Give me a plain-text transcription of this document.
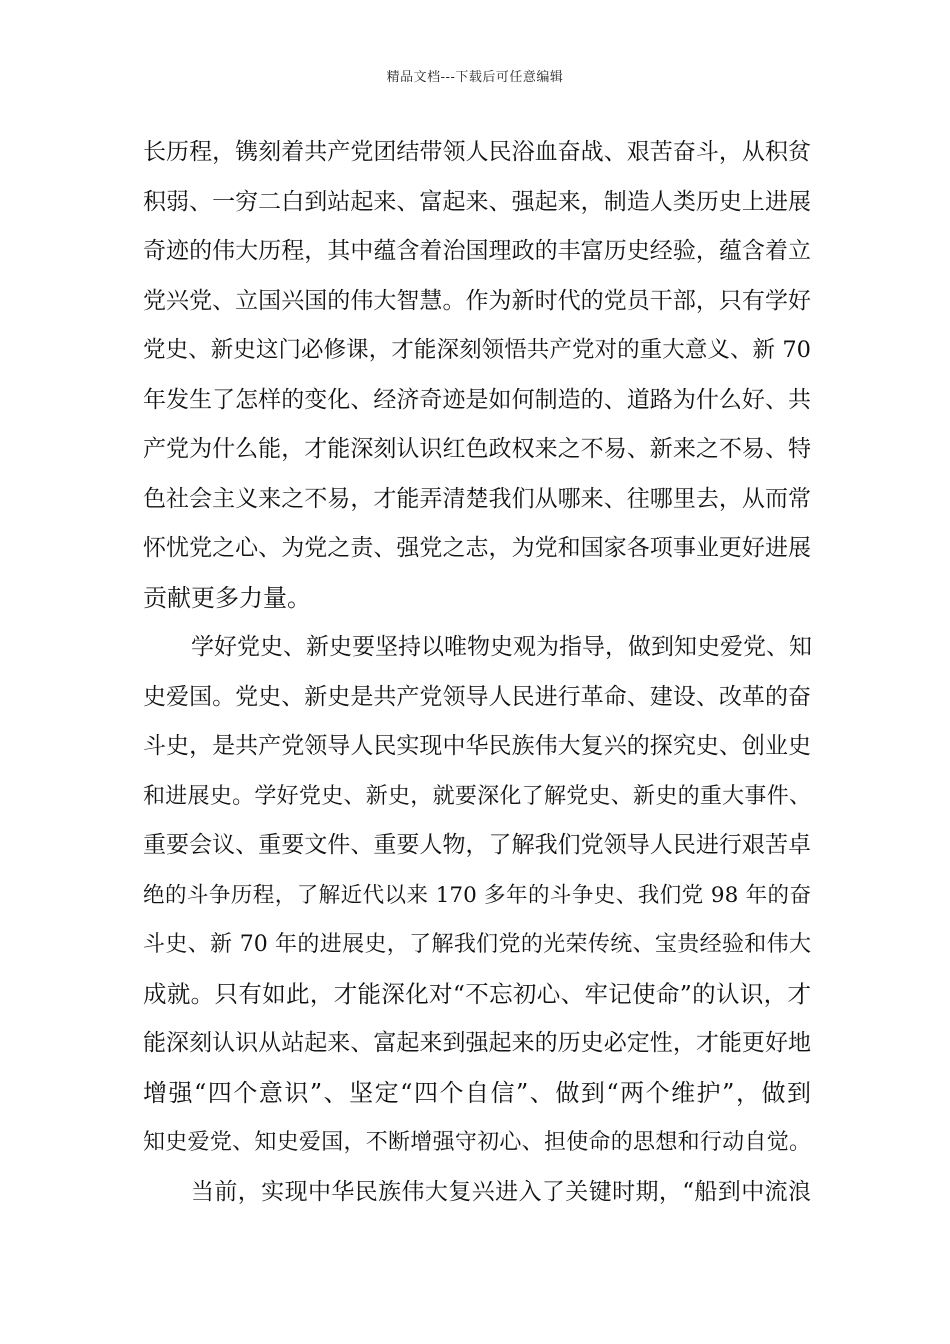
精品文档---下载后可任意编辑
长历程，镌刻着共产党团结带领人民浴血奋战、艰苦奋斗，从积贫
积弱、一穷二白到站起来、富起来、强起来，制造人类历史上进展
奇迹的伟大历程，其中蕴含着治国理政的丰富历史经验，蕴含着立
党兴党、立国兴国的伟大智慧。作为新时代的党员干部，只有学好
党史、新史这门必修课，才能深刻领悟共产党对的重大意义、新 70
年发生了怎样的变化、经济奇迹是如何制造的、道路为什么好、共
产党为什么能，才能深刻认识红色政权来之不易、新来之不易、特
色社会主义来之不易，才能弄清楚我们从哪来、往哪里去，从而常
怀忧党之心、为党之责、强党之志，为党和国家各项事业更好进展
贡献更多力量。
学好党史、新史要坚持以唯物史观为指导，做到知史爱党、知
史爱国。党史、新史是共产党领导人民进行革命、建设、改革的奋
斗史，是共产党领导人民实现中华民族伟大复兴的探究史、创业史
和进展史。学好党史、新史，就要深化了解党史、新史的重大事件、
重要会议、重要文件、重要人物，了解我们党领导人民进行艰苦卓
绝的斗争历程，了解近代以来 170 多年的斗争史、我们党 98 年的奋
斗史、新 70 年的进展史，了解我们党的光荣传统、宝贵经验和伟大
成就。只有如此，才能深化对“不忘初心、牢记使命”的认识，才
能深刻认识从站起来、富起来到强起来的历史必定性，才能更好地
增强“四个意识”、坚定“四个自信”、做到“两个维护”，做到
知史爱党、知史爱国，不断增强守初心、担使命的思想和行动自觉。
当前，实现中华民族伟大复兴进入了关键时期，“船到中流浪
